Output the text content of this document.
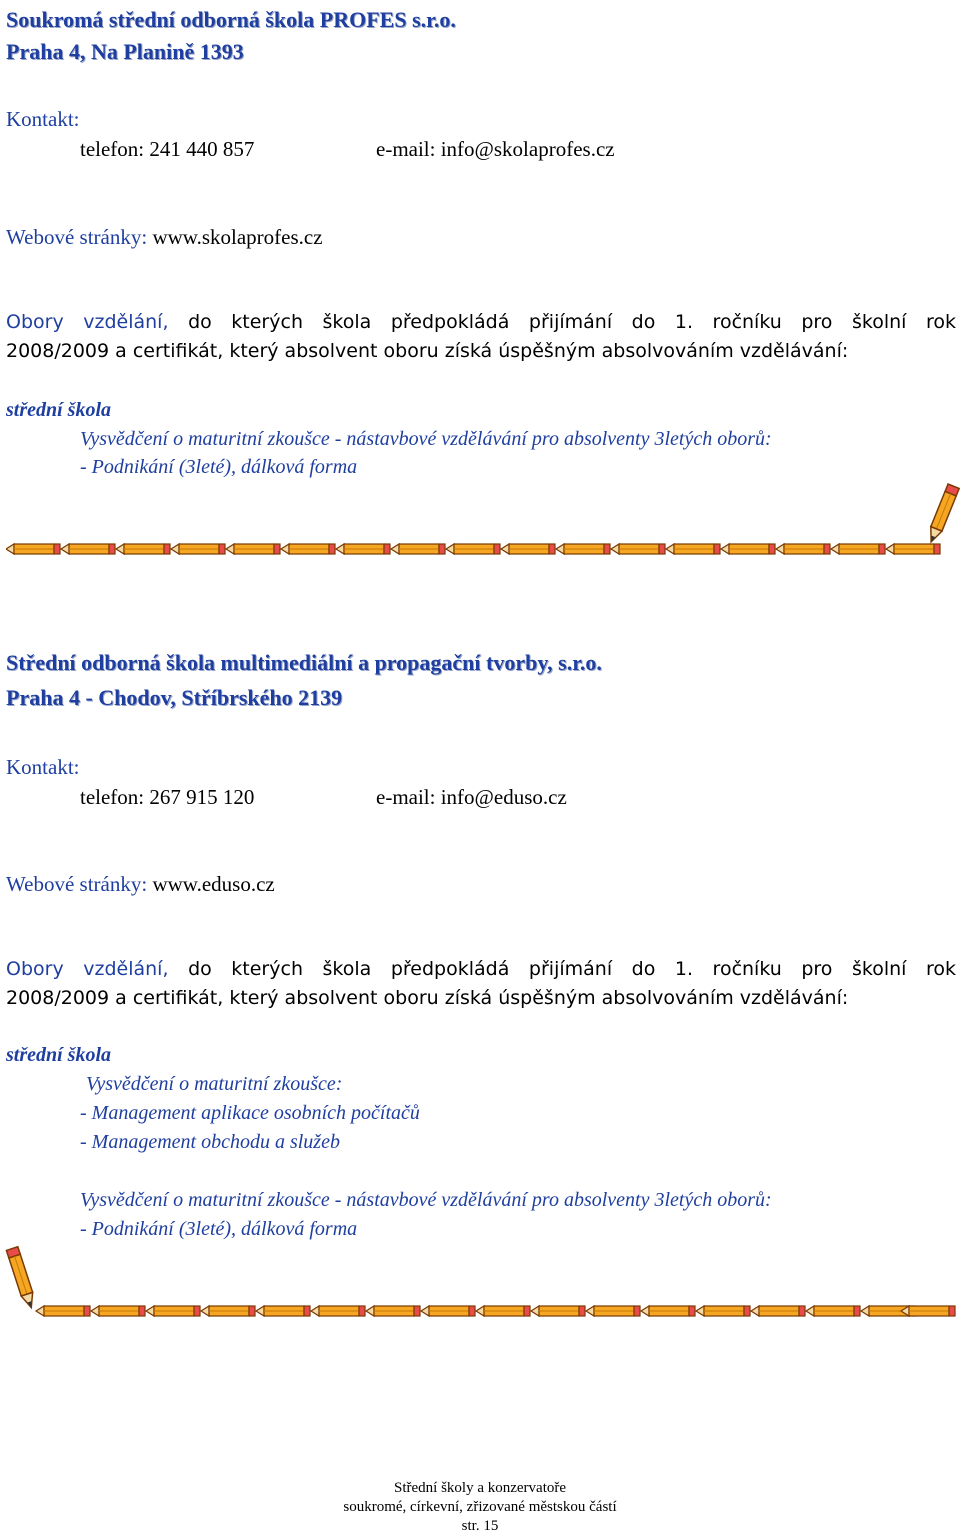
Soukromá střední odborná škola PROFES s.r.o.
Praha 4, Na Planině 1393
Kontakt:
telefon: 241 440 857	e-mail: info@skolaprofes.cz
Webové stránky: www.skolaprofes.cz
Obory vzdělání, do kterých škola předpokládá přijímání do 1. ročníku pro školní rok
2008/2009 a certifikát, který absolvent oboru získá úspěšným absolvováním vzdělávání:
střední škola
Vysvědčení o maturitní zkoušce - nástavbové vzdělávání pro absolventy 3letých oborů:
- Podnikání (3leté), dálková forma
Střední odborná škola multimediální a propagační tvorby, s.r.o.
Praha 4 - Chodov, Stříbrského 2139
Kontakt:
telefon: 267 915 120	e-mail: info@eduso.cz
Webové stránky: www.eduso.cz
Obory vzdělání, do kterých škola předpokládá přijímání do 1. ročníku pro školní rok
2008/2009 a certifikát, který absolvent oboru získá úspěšným absolvováním vzdělávání:
střední škola
Vysvědčení o maturitní zkoušce:
- Management aplikace osobních počítačů
- Management obchodu a služeb
Vysvědčení o maturitní zkoušce - nástavbové vzdělávání pro absolventy 3letých oborů:
- Podnikání (3leté), dálková forma
Střední školy a konzervatoře
soukromé, církevní, zřizované městskou částí
str. 15
